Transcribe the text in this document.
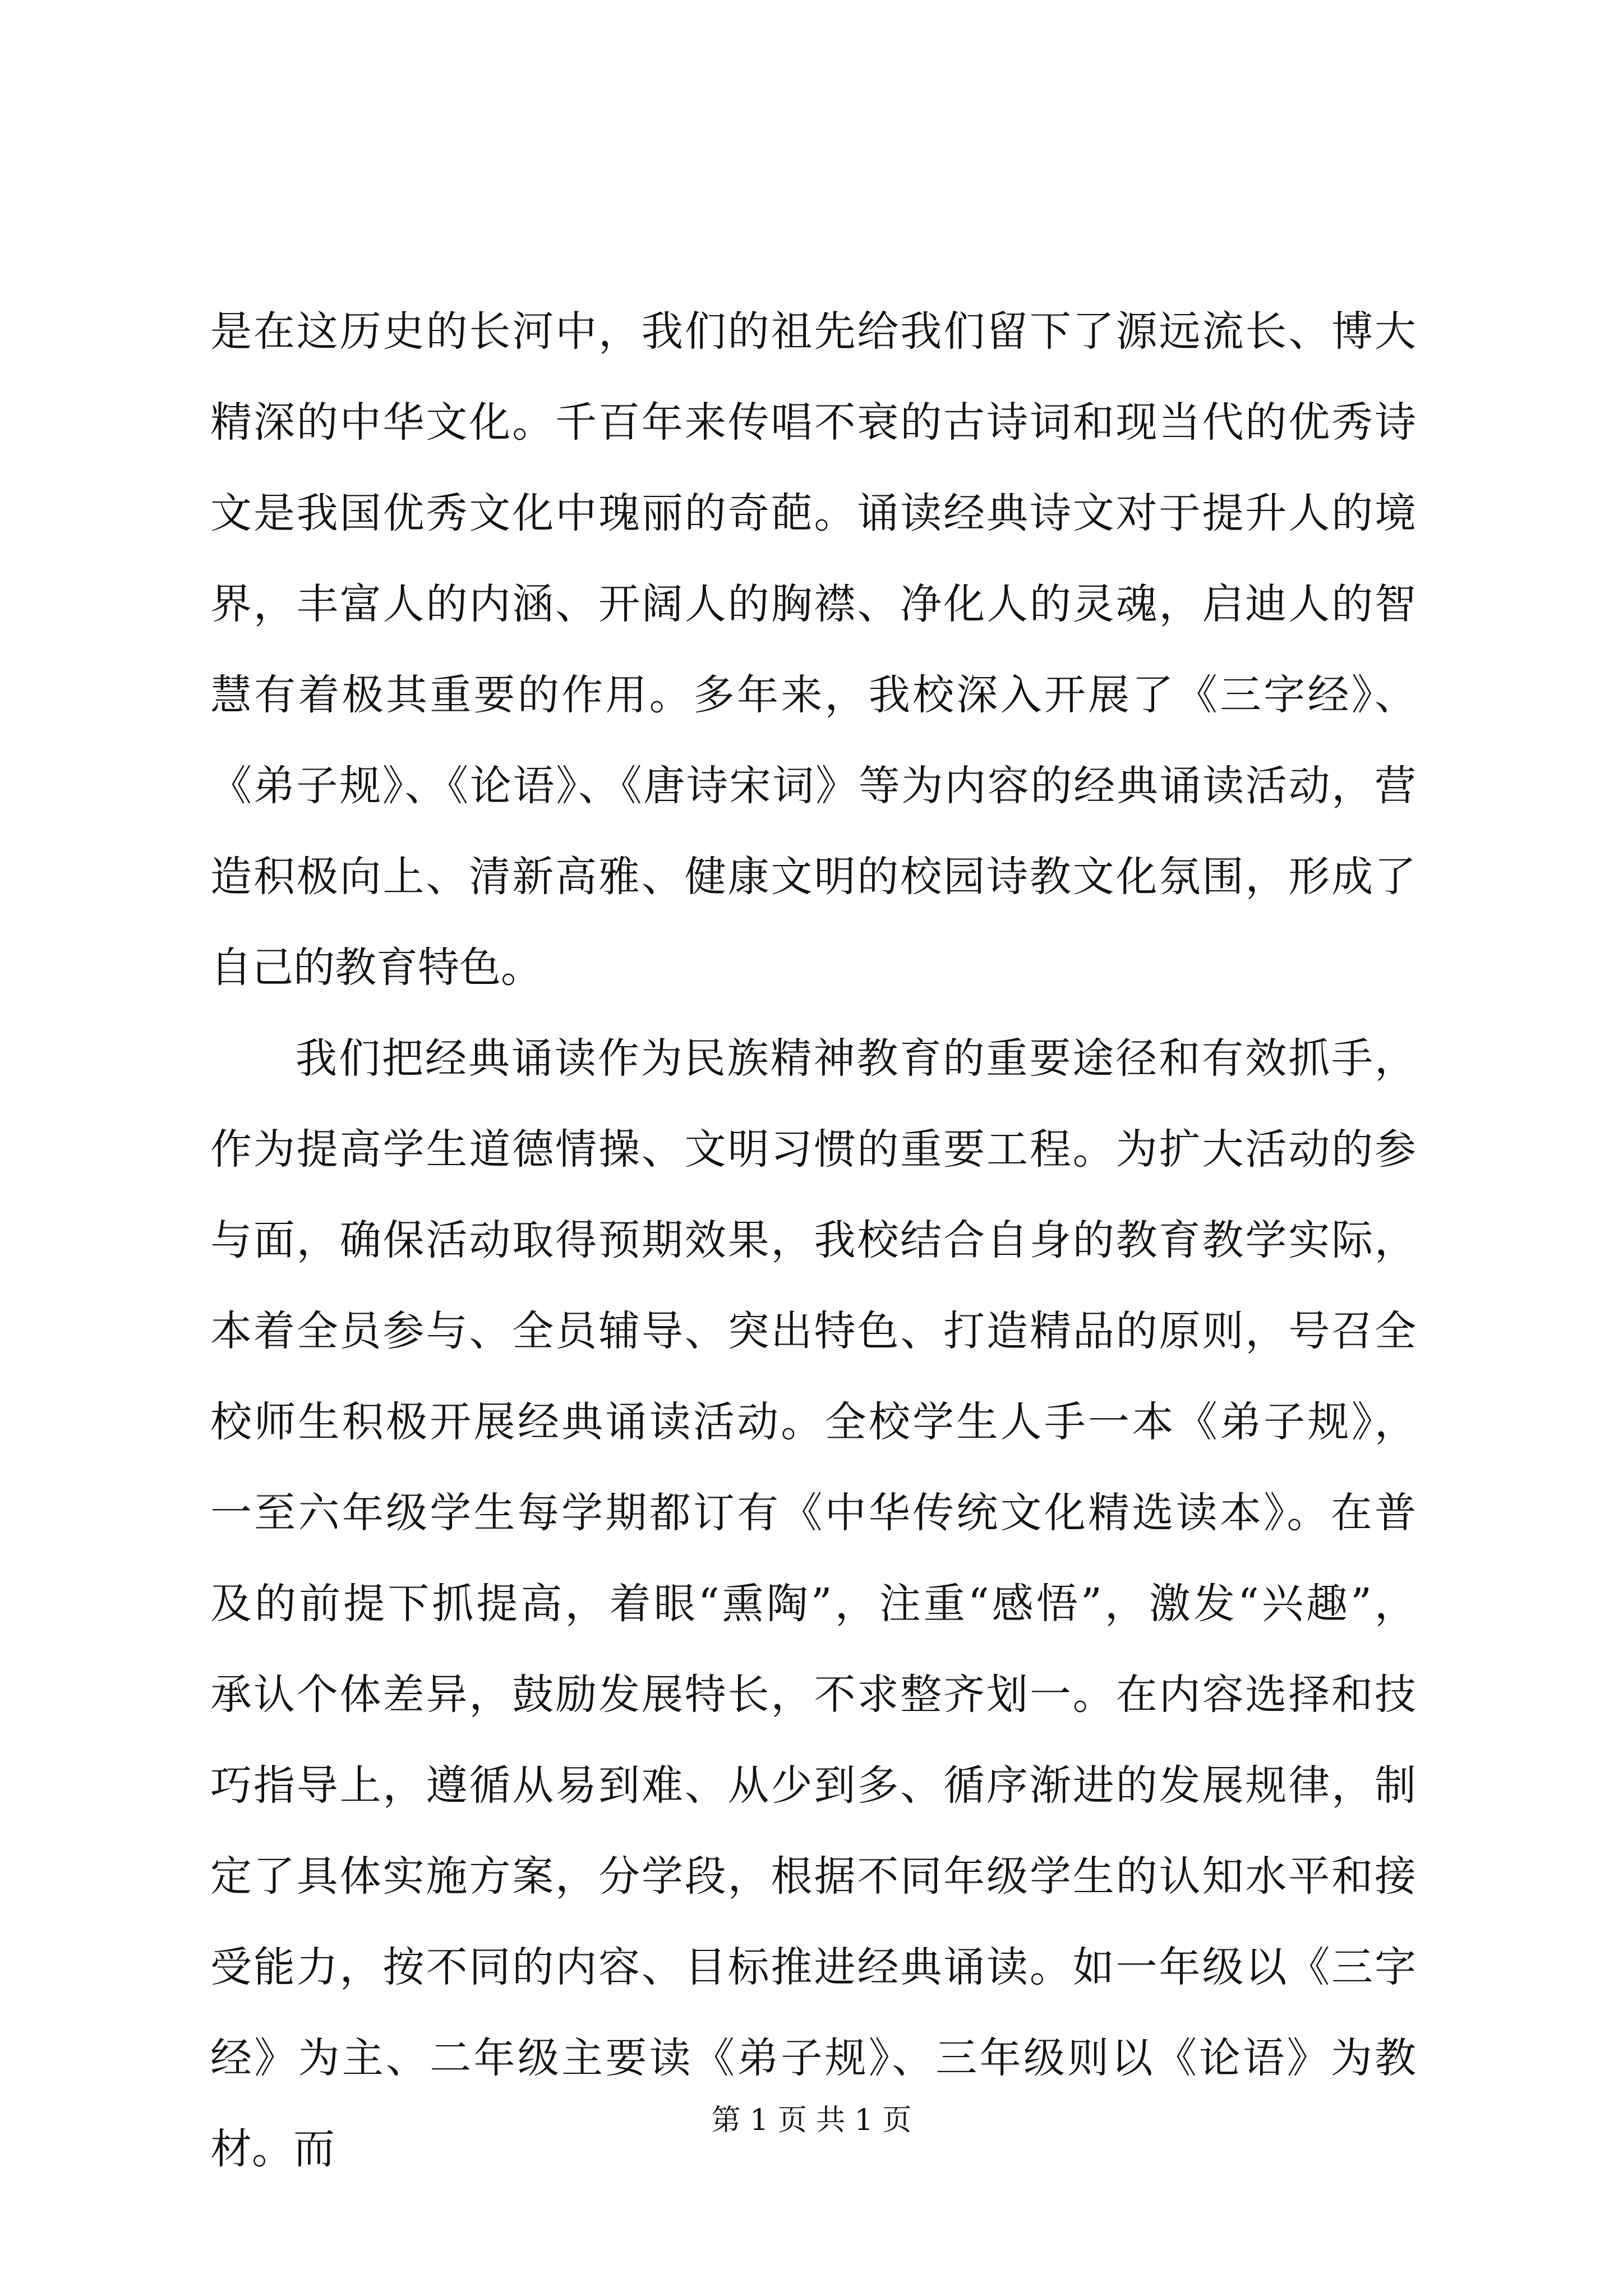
是在这历史的长河中，我们的祖先给我们留下了源远流长、博大
精深的中华文化。千百年来传唱不衰的古诗词和现当代的优秀诗
文是我国优秀文化中瑰丽的奇葩。诵读经典诗文对于提升人的境
界，丰富人的内涵、开阔人的胸襟、净化人的灵魂，启迪人的智
慧有着极其重要的作用。多年来，我校深入开展了《三字经》、
《弟子规》、《论语》、《唐诗宋词》等为内容的经典诵读活动，营
造积极向上、清新高雅、健康文明的校园诗教文化氛围，形成了
自己的教育特色。
我们把经典诵读作为民族精神教育的重要途径和有效抓手，
作为提高学生道德情操、文明习惯的重要工程。为扩大活动的参
与面，确保活动取得预期效果，我校结合自身的教育教学实际，
本着全员参与、全员辅导、突出特色、打造精品的原则，号召全
校师生积极开展经典诵读活动。全校学生人手一本《弟子规》，
一至六年级学生每学期都订有《中华传统文化精选读本》。在普
及的前提下抓提高，着眼“熏陶”，注重“感悟”，激发“兴趣”，
承认个体差异，鼓励发展特长，不求整齐划一。在内容选择和技
巧指导上，遵循从易到难、从少到多、循序渐进的发展规律，制
定了具体实施方案，分学段，根据不同年级学生的认知水平和接
受能力，按不同的内容、目标推进经典诵读。如一年级以《三字
经》为主、二年级主要读《弟子规》、三年级则以《论语》为教
材。而
第 1 页 共 1 页
